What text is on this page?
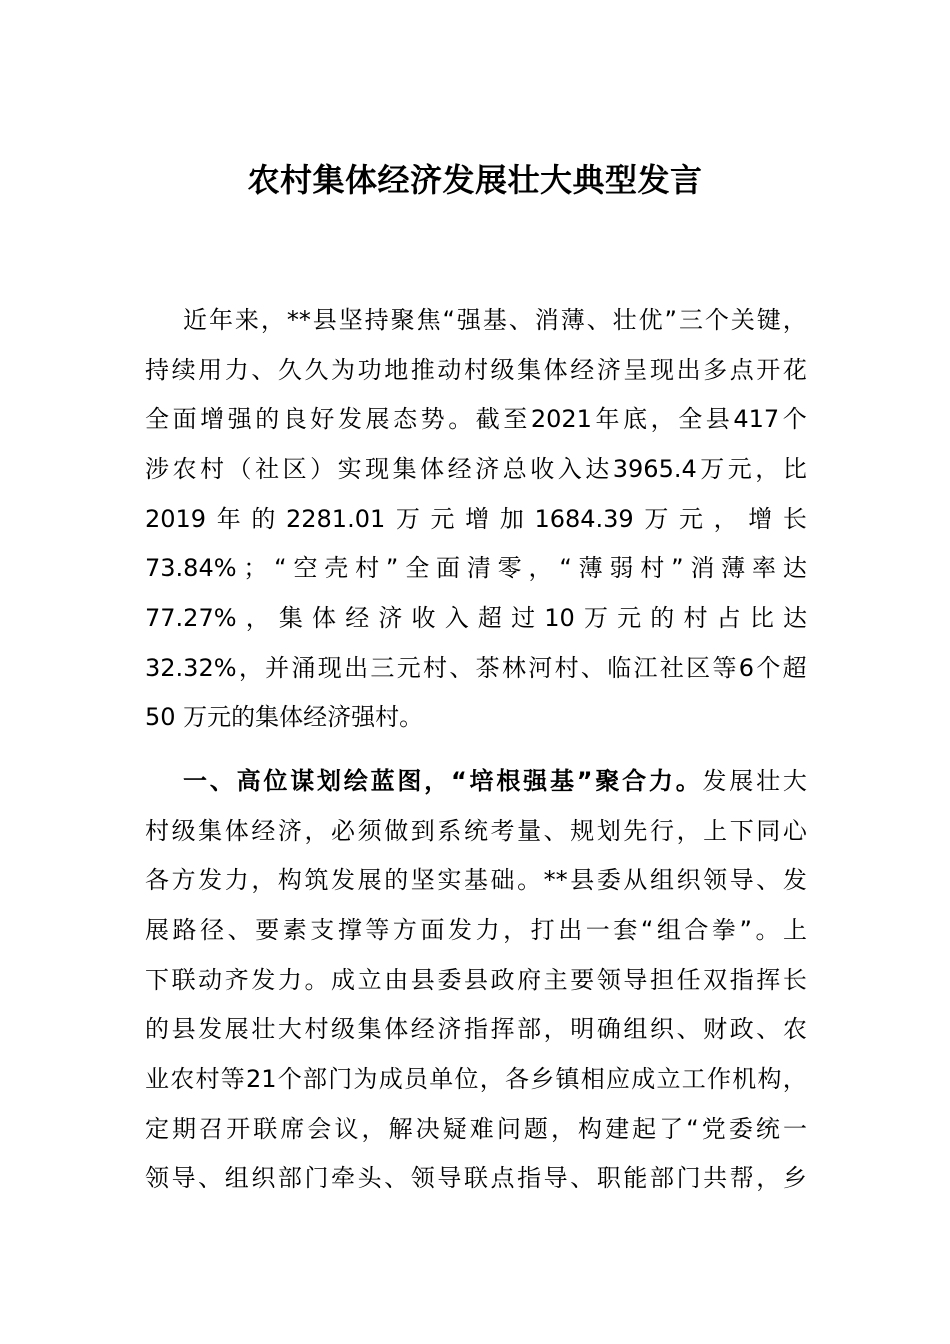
农村集体经济发展壮大典型发言
近 年 来 ， ** 县 坚 持 聚 焦 “ 强 基 、 消 薄 、 壮 优 ” 三 个 关 键 ，
持 续 用 力 、 久 久 为 功 地 推 动 村 级 集 体 经 济 呈 现 出 多 点 开 花
全 面 增 强 的 良 好 发 展 态 势 。 截 至 2021 年 底 ， 全 县 417 个
涉 农 村 （ 社 区 ） 实 现 集 体 经 济 总 收 入 达 3965.4 万 元 ， 比
2019 年 的 2281.01 万 元 增 加 1684.39 万 元 ， 增 长
73.84% ； “ 空 壳 村 ” 全 面 清 零 ， “ 薄 弱 村 ” 消 薄 率 达
77.27% ， 集 体 经 济 收 入 超 过 10 万 元 的 村 占 比 达
32.32% ， 并 涌 现 出 三 元 村 、 茶 林 河 村 、 临 江 社 区 等 6 个 超
50 万元的集体经济强村。
一 、 高 位 谋 划 绘 蓝 图 ， “ 培 根 强 基 ” 聚 合 力 。 发 展 壮 大
村 级 集 体 经 济 ， 必 须 做 到 系 统 考 量 、 规 划 先 行 ， 上 下 同 心
各 方 发 力 ， 构 筑 发 展 的 坚 实 基 础 。 ** 县 委 从 组 织 领 导 、 发
展 路 径 、 要 素 支 撑 等 方 面 发 力 ， 打 出 一 套 “ 组 合 拳 ” 。 上
下 联 动 齐 发 力 。 成 立 由 县 委 县 政 府 主 要 领 导 担 任 双 指 挥 长
的 县 发 展 壮 大 村 级 集 体 经 济 指 挥 部 ， 明 确 组 织 、 财 政 、 农
业 农 村 等 21 个 部 门 为 成 员 单 位 ， 各 乡 镇 相 应 成 立 工 作 机 构 ，
定 期 召 开 联 席 会 议 ， 解 决 疑 难 问 题 ， 构 建 起 了 “ 党 委 统 一
领 导 、 组 织 部 门 牵 头 、 领 导 联 点 指 导 、 职 能 部 门 共 帮 ， 乡
